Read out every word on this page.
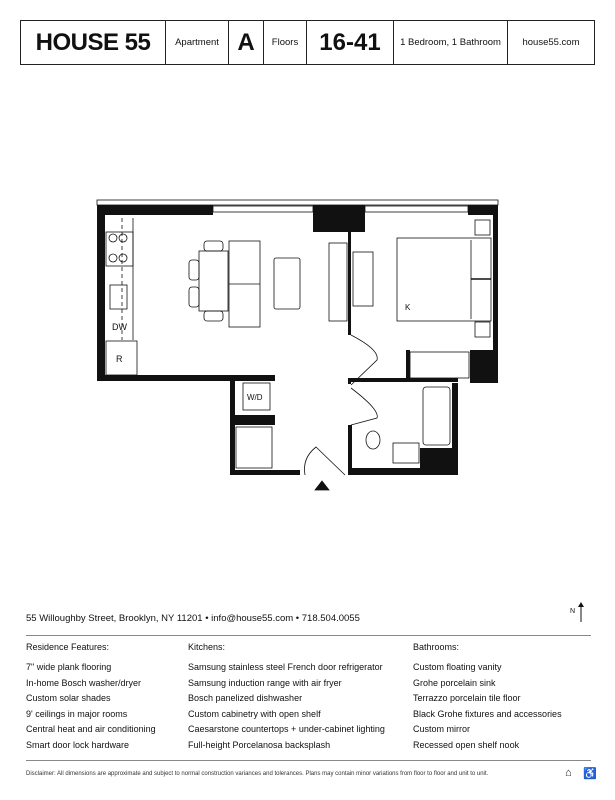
HOUSE 55	Apartment A	Floors 16-41	1 Bedroom, 1 Bathroom	house55.com
DW
R
K
W/D
55 Willoughby Street, Brooklyn, NY 11201 • info@house55.com • 718.504.0055
N
Residence Features:
7" wide plank flooring
In-home Bosch washer/dryer
Custom solar shades
9' ceilings in major rooms
Central heat and air conditioning
Smart door lock hardware
Kitchens:
Samsung stainless steel French door refrigerator
Samsung induction range with air fryer
Bosch panelized dishwasher
Custom cabinetry with open shelf
Caesarstone countertops + under-cabinet lighting
Full-height Porcelanosa backsplash
Bathrooms:
Custom floating vanity
Grohe porcelain sink
Terrazzo porcelain tile floor
Black Grohe fixtures and accessories
Custom mirror
Recessed open shelf nook
Disclaimer: All dimensions are approximate and subject to normal construction variances and tolerances. Plans may contain minor variations from floor to floor and unit to unit.	⌂ ♿
